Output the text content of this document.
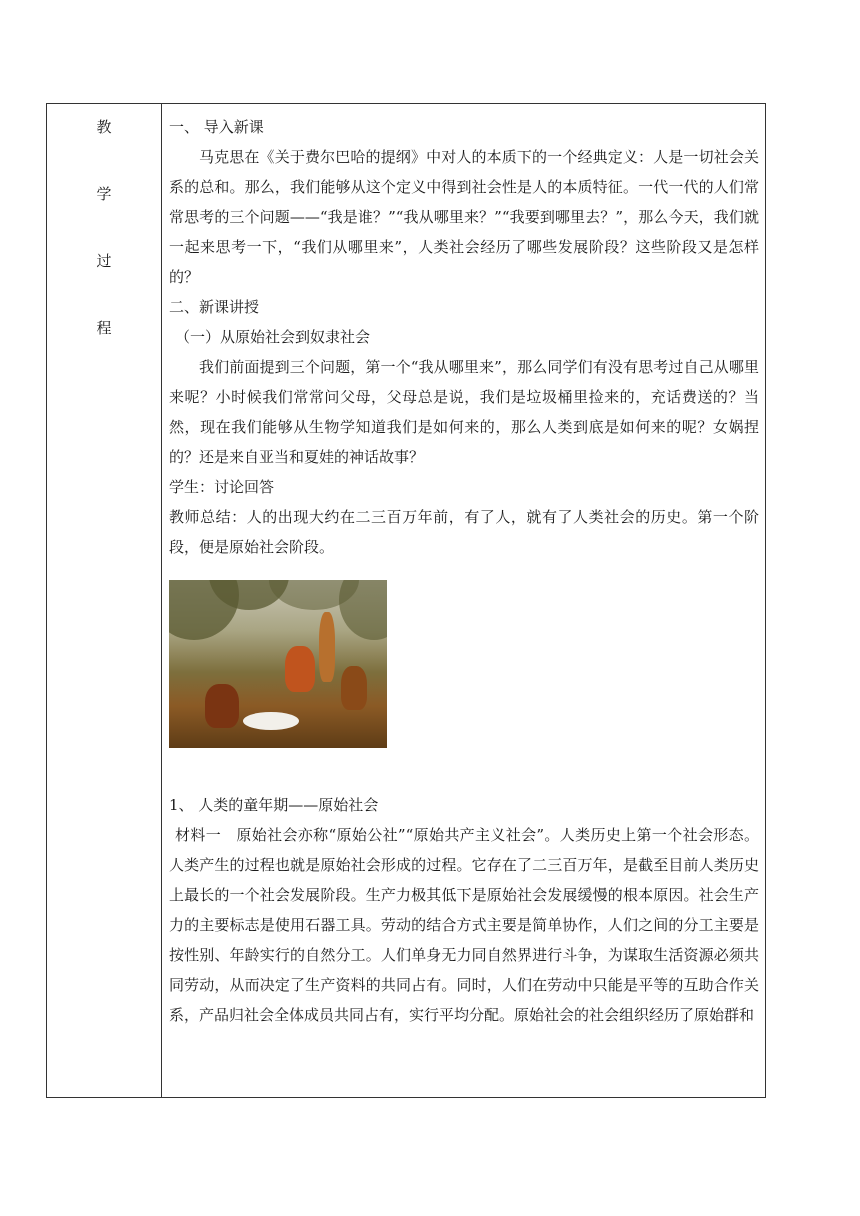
教
学
过
程

一、 导入新课

马克思在《关于费尔巴哈的提纲》中对人的本质下的一个经典定义：人是一切社会关系的总和。那么，我们能够从这个定义中得到社会性是人的本质特征。一代一代的人们常常思考的三个问题——“我是谁？”“我从哪里来？”“我要到哪里去？”，那么今天，我们就一起来思考一下，“我们从哪里来”，人类社会经历了哪些发展阶段？这些阶段又是怎样的？

二、新课讲授

（一）从原始社会到奴隶社会

我们前面提到三个问题，第一个“我从哪里来”，那么同学们有没有思考过自己从哪里来呢？小时候我们常常问父母，父母总是说，我们是垃圾桶里捡来的，充话费送的？当然，现在我们能够从生物学知道我们是如何来的，那么人类到底是如何来的呢？女娲捏的？还是来自亚当和夏娃的神话故事？

学生：讨论回答

教师总结：人的出现大约在二三百万年前，有了人，就有了人类社会的历史。第一个阶段，便是原始社会阶段。

1、 人类的童年期——原始社会

材料一　原始社会亦称“原始公社”“原始共产主义社会”。人类历史上第一个社会形态。人类产生的过程也就是原始社会形成的过程。它存在了二三百万年，是截至目前人类历史上最长的一个社会发展阶段。生产力极其低下是原始社会发展缓慢的根本原因。社会生产力的主要标志是使用石器工具。劳动的结合方式主要是简单协作，人们之间的分工主要是按性别、年龄实行的自然分工。人们单身无力同自然界进行斗争，为谋取生活资源必须共同劳动，从而决定了生产资料的共同占有。同时，人们在劳动中只能是平等的互助合作关系，产品归社会全体成员共同占有，实行平均分配。原始社会的社会组织经历了原始群和
